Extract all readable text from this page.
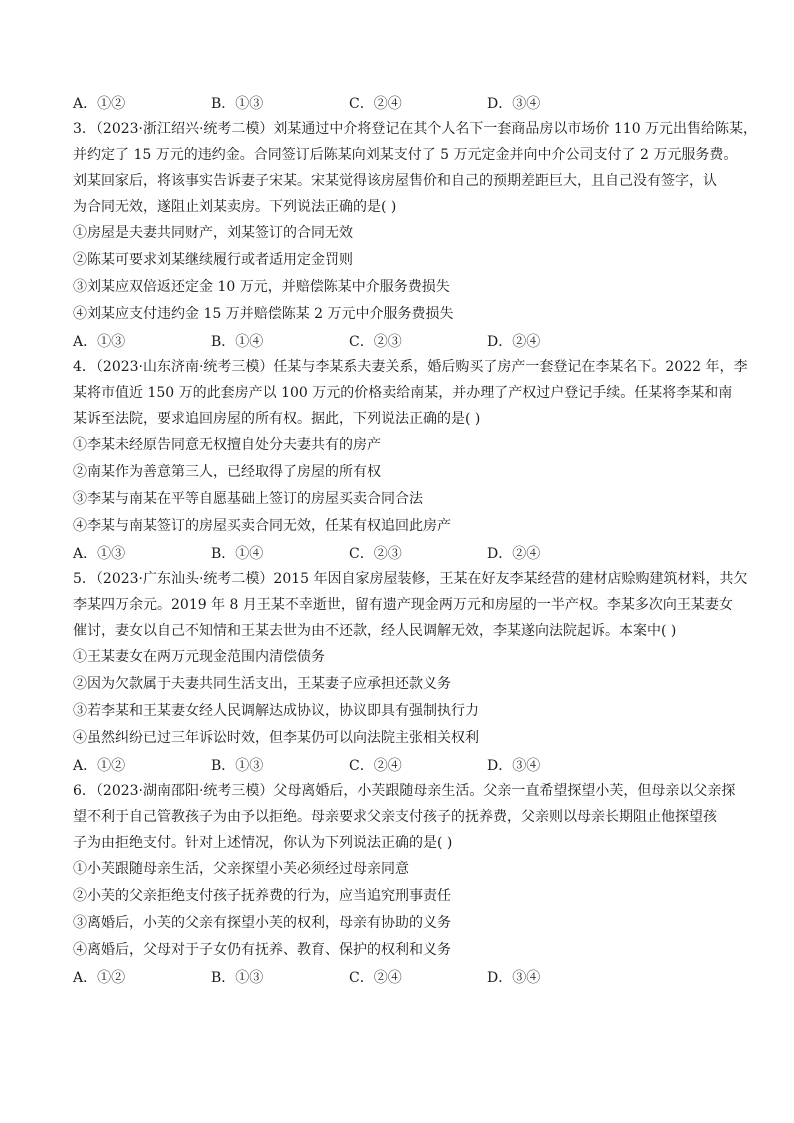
A．①②	B．①③	C．②④	D．③④
3．（2023·浙江绍兴·统考二模）刘某通过中介将登记在其个人名下一套商品房以市场价 110 万元出售给陈某，
并约定了 15 万元的违约金。合同签订后陈某向刘某支付了 5 万元定金并向中介公司支付了 2 万元服务费。
刘某回家后，将该事实告诉妻子宋某。宋某觉得该房屋售价和自己的预期差距巨大，且自己没有签字，认
为合同无效，遂阻止刘某卖房。下列说法正确的是( )
①房屋是夫妻共同财产，刘某签订的合同无效
②陈某可要求刘某继续履行或者适用定金罚则
③刘某应双倍返还定金 10 万元，并赔偿陈某中介服务费损失
④刘某应支付违约金 15 万并赔偿陈某 2 万元中介服务费损失
A．①③	B．①④	C．②③	D．②④
4．（2023·山东济南·统考三模）任某与李某系夫妻关系，婚后购买了房产一套登记在李某名下。2022 年，李
某将市值近 150 万的此套房产以 100 万元的价格卖给南某，并办理了产权过户登记手续。任某将李某和南
某诉至法院，要求追回房屋的所有权。据此，下列说法正确的是( )
①李某未经原告同意无权擅自处分夫妻共有的房产
②南某作为善意第三人，已经取得了房屋的所有权
③李某与南某在平等自愿基础上签订的房屋买卖合同合法
④李某与南某签订的房屋买卖合同无效，任某有权追回此房产
A．①③	B．①④	C．②③	D．②④
5．（2023·广东汕头·统考二模）2015 年因自家房屋装修，王某在好友李某经营的建材店赊购建筑材料，共欠
李某四万余元。2019 年 8 月王某不幸逝世，留有遗产现金两万元和房屋的一半产权。李某多次向王某妻女
催讨，妻女以自己不知情和王某去世为由不还款，经人民调解无效，李某遂向法院起诉。本案中( )
①王某妻女在两万元现金范围内清偿债务
②因为欠款属于夫妻共同生活支出，王某妻子应承担还款义务
③若李某和王某妻女经人民调解达成协议，协议即具有强制执行力
④虽然纠纷已过三年诉讼时效，但李某仍可以向法院主张相关权利
A．①②	B．①③	C．②④	D．③④
6．（2023·湖南邵阳·统考三模）父母离婚后，小芙跟随母亲生活。父亲一直希望探望小芙，但母亲以父亲探
望不利于自己管教孩子为由予以拒绝。母亲要求父亲支付孩子的抚养费，父亲则以母亲长期阻止他探望孩
子为由拒绝支付。针对上述情况，你认为下列说法正确的是( )
①小芙跟随母亲生活，父亲探望小芙必须经过母亲同意
②小芙的父亲拒绝支付孩子抚养费的行为，应当追究刑事责任
③离婚后，小芙的父亲有探望小芙的权利，母亲有协助的义务
④离婚后，父母对于子女仍有抚养、教育、保护的权利和义务
A．①②	B．①③	C．②④	D．③④
